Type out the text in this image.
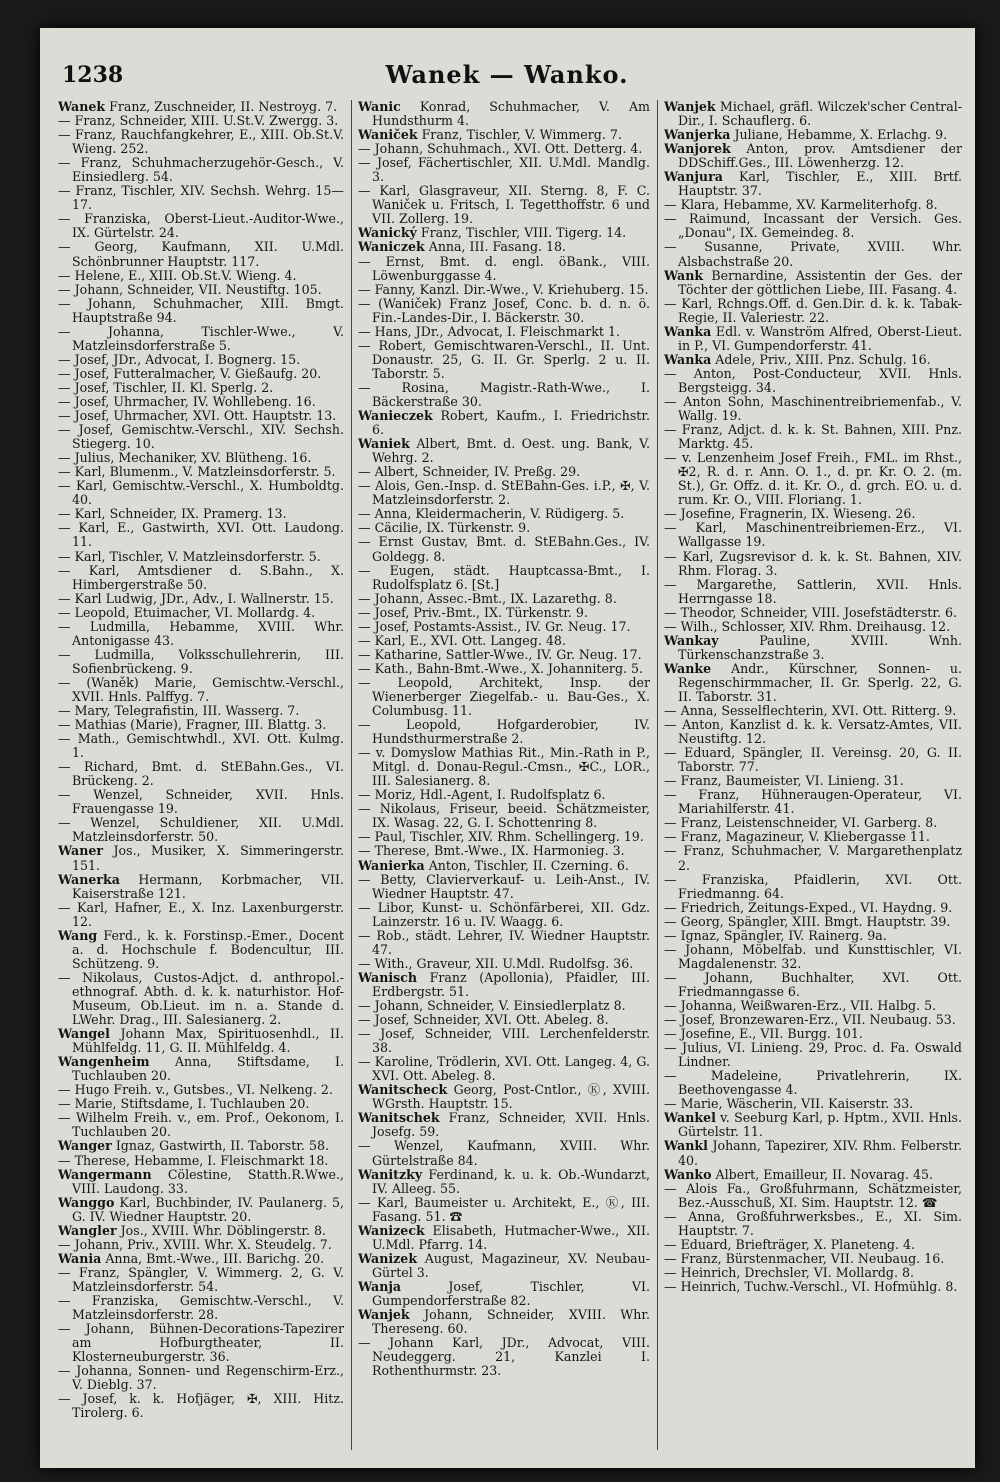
1238	Wanek — Wanko.
Wanek Franz, Zuschneider, II. Nestroyg. 7.
— Franz, Schneider, XIII. U.St.V. Zwergg. 3.
— Franz, Rauchfangkehrer, E., XIII. Ob.St.V. Wieng. 252.
— Franz, Schuhmacherzugehör-Gesch., V. Einsiedlerg. 54.
— Franz, Tischler, XIV. Sechsh. Wehrg. 15—17.
— Franziska, Oberst-Lieut.-Auditor-Wwe., IX. Gürtelstr. 24.
— Georg, Kaufmann, XII. U.Mdl. Schönbrunner Hauptstr. 117.
— Helene, E., XIII. Ob.St.V. Wieng. 4.
— Johann, Schneider, VII. Neustiftg. 105.
— Johann, Schuhmacher, XIII. Bmgt. Hauptstraße 94.
— Johanna, Tischler-Wwe., V. Matzleinsdorferstraße 5.
— Josef, JDr., Advocat, I. Bognerg. 15.
— Josef, Futteralmacher, V. Gießaufg. 20.
— Josef, Tischler, II. Kl. Sperlg. 2.
— Josef, Uhrmacher, IV. Wohllebeng. 16.
— Josef, Uhrmacher, XVI. Ott. Hauptstr. 13.
— Josef, Gemischtw.-Verschl., XIV. Sechsh. Stiegerg. 10.
— Julius, Mechaniker, XV. Blütheng. 16.
— Karl, Blumenm., V. Matzleinsdorferstr. 5.
— Karl, Gemischtw.-Verschl., X. Humboldtg. 40.
— Karl, Schneider, IX. Pramerg. 13.
— Karl, E., Gastwirth, XVI. Ott. Laudong. 11.
— Karl, Tischler, V. Matzleinsdorferstr. 5.
— Karl, Amtsdiener d. S.Bahn., X. Himbergerstraße 50.
— Karl Ludwig, JDr., Adv., I. Wallnerstr. 15.
— Leopold, Etuimacher, VI. Mollardg. 4.
— Ludmilla, Hebamme, XVIII. Whr. Antonigasse 43.
— Ludmilla, Volksschullehrerin, III. Sofienbrückeng. 9.
— (Waněk) Marie, Gemischtw.-Verschl., XVII. Hnls. Palffyg. 7.
— Mary, Telegrafistin, III. Wasserg. 7.
— Mathias (Marie), Fragner, III. Blattg. 3.
— Math., Gemischtwhdl., XVI. Ott. Kulmg. 1.
— Richard, Bmt. d. StEBahn.Ges., VI. Brückeng. 2.
— Wenzel, Schneider, XVII. Hnls. Frauengasse 19.
— Wenzel, Schuldiener, XII. U.Mdl. Matzleinsdorferstr. 50.
Waner Jos., Musiker, X. Simmeringerstr. 151.
Wanerka Hermann, Korbmacher, VII. Kaiserstraße 121.
— Karl, Hafner, E., X. Inz. Laxenburgerstr. 12.
Wang Ferd., k. k. Forstinsp.-Emer., Docent a. d. Hochschule f. Bodencultur, III. Schützeng. 9.
— Nikolaus, Custos-Adjct. d. anthropol.-ethnograf. Abth. d. k. k. naturhistor. Hof-Museum, Ob.Lieut. im n. a. Stande d. LWehr. Drag., III. Salesianerg. 2.
Wangel Johann Max, Spirituosenhdl., II. Mühlfeldg. 11, G. II. Mühlfeldg. 4.
Wangenheim Anna, Stiftsdame, I. Tuchlauben 20.
— Hugo Freih. v., Gutsbes., VI. Nelkeng. 2.
— Marie, Stiftsdame, I. Tuchlauben 20.
— Wilhelm Freih. v., em. Prof., Oekonom, I. Tuchlauben 20.
Wanger Ignaz, Gastwirth, II. Taborstr. 58.
— Therese, Hebamme, I. Fleischmarkt 18.
Wangermann Cölestine, Statth.R.Wwe., VIII. Laudong. 33.
Wanggo Karl, Buchbinder, IV. Paulanerg. 5, G. IV. Wiedner Hauptstr. 20.
Wangler Jos., XVIII. Whr. Döblingerstr. 8.
— Johann, Priv., XVIII. Whr. X. Steudelg. 7.
Wania Anna, Bmt.-Wwe., III. Barichg. 20.
— Franz, Spängler, V. Wimmerg. 2, G. V. Matzleinsdorferstr. 54.
— Franziska, Gemischtw.-Verschl., V. Matzleinsdorferstr. 28.
— Johann, Bühnen-Decorations-Tapezirer am Hofburgtheater, II. Klosterneuburgerstr. 36.
— Johanna, Sonnen- und Regenschirm-Erz., V. Dieblg. 37.
— Josef, k. k. Hofjäger, ✠, XIII. Hitz. Tirolerg. 6.
Wanic Konrad, Schuhmacher, V. Am Hundsthurm 4.
Waniček Franz, Tischler, V. Wimmerg. 7.
— Johann, Schuhmach., XVI. Ott. Detterg. 4.
— Josef, Fächertischler, XII. U.Mdl. Mandlg. 3.
— Karl, Glasgraveur, XII. Sterng. 8, F. C. Waniček u. Fritsch, I. Tegetthoffstr. 6 und VII. Zollerg. 19.
Wanický Franz, Tischler, VIII. Tigerg. 14.
Waniczek Anna, III. Fasang. 18.
— Ernst, Bmt. d. engl. öBank., VIII. Löwenburggasse 4.
— Fanny, Kanzl. Dir.-Wwe., V. Kriehuberg. 15.
— (Waniček) Franz Josef, Conc. b. d. n. ö. Fin.-Landes-Dir., I. Bäckerstr. 30.
— Hans, JDr., Advocat, I. Fleischmarkt 1.
— Robert, Gemischtwaren-Verschl., II. Unt. Donaustr. 25, G. II. Gr. Sperlg. 2 u. II. Taborstr. 5.
— Rosina, Magistr.-Rath-Wwe., I. Bäckerstraße 30.
Wanieczek Robert, Kaufm., I. Friedrichstr. 6.
Waniek Albert, Bmt. d. Oest. ung. Bank, V. Wehrg. 2.
— Albert, Schneider, IV. Preßg. 29.
— Alois, Gen.-Insp. d. StEBahn-Ges. i.P., ✠, V. Matzleinsdorferstr. 2.
— Anna, Kleidermacherin, V. Rüdigerg. 5.
— Cäcilie, IX. Türkenstr. 9.
— Ernst Gustav, Bmt. d. StEBahn.Ges., IV. Goldegg. 8.
— Eugen, städt. Hauptcassa-Bmt., I. Rudolfsplatz 6. [St.]
— Johann, Assec.-Bmt., IX. Lazarethg. 8.
— Josef, Priv.-Bmt., IX. Türkenstr. 9.
— Josef, Postamts-Assist., IV. Gr. Neug. 17.
— Karl, E., XVI. Ott. Langeg. 48.
— Katharine, Sattler-Wwe., IV. Gr. Neug. 17.
— Kath., Bahn-Bmt.-Wwe., X. Johanniterg. 5.
— Leopold, Architekt, Insp. der Wienerberger Ziegelfab.- u. Bau-Ges., X. Columbusg. 11.
— Leopold, Hofgarderobier, IV. Hundsthurmerstraße 2.
— v. Domyslow Mathias Rit., Min.-Rath in P., Mitgl. d. Donau-Regul.-Cmsn., ✠C., LOR., III. Salesianerg. 8.
— Moriz, Hdl.-Agent, I. Rudolfsplatz 6.
— Nikolaus, Friseur, beeid. Schätzmeister, IX. Wasag. 22, G. I. Schottenring 8.
— Paul, Tischler, XIV. Rhm. Schellingerg. 19.
— Therese, Bmt.-Wwe., IX. Harmonieg. 3.
Wanierka Anton, Tischler, II. Czerning. 6.
— Betty, Clavierverkauf- u. Leih-Anst., IV. Wiedner Hauptstr. 47.
— Libor, Kunst- u. Schönfärberei, XII. Gdz. Lainzerstr. 16 u. IV. Waagg. 6.
— Rob., städt. Lehrer, IV. Wiedner Hauptstr. 47.
— With., Graveur, XII. U.Mdl. Rudolfsg. 36.
Wanisch Franz (Apollonia), Pfaidler, III. Erdbergstr. 51.
— Johann, Schneider, V. Einsiedlerplatz 8.
— Josef, Schneider, XVI. Ott. Abeleg. 8.
— Josef, Schneider, VIII. Lerchenfelderstr. 38.
— Karoline, Trödlerin, XVI. Ott. Langeg. 4, G. XVI. Ott. Abeleg. 8.
Wanitscheck Georg, Post-Cntlor., Ⓚ, XVIII. WGrsth. Hauptstr. 15.
Wanitschek Franz, Schneider, XVII. Hnls. Josefg. 59.
— Wenzel, Kaufmann, XVIII. Whr. Gürtelstraße 84.
Wanitzky Ferdinand, k. u. k. Ob.-Wundarzt, IV. Alleeg. 55.
— Karl, Baumeister u. Architekt, E., Ⓚ, III. Fasang. 51. ☎
Wanizeck Elisabeth, Hutmacher-Wwe., XII. U.Mdl. Pfarrg. 14.
Wanizek August, Magazineur, XV. Neubau-Gürtel 3.
Wanja Josef, Tischler, VI. Gumpendorferstraße 82.
Wanjek Johann, Schneider, XVIII. Whr. Thereseng. 60.
— Johann Karl, JDr., Advocat, VIII. Neudeggerg. 21, Kanzlei I. Rothenthurmstr. 23.
Wanjek Michael, gräfl. Wilczek'scher Central-Dir., I. Schauflerg. 6.
Wanjerka Juliane, Hebamme, X. Erlachg. 9.
Wanjorek Anton, prov. Amtsdiener der DDSchiff.Ges., III. Löwenherzg. 12.
Wanjura Karl, Tischler, E., XIII. Brtf. Hauptstr. 37.
— Klara, Hebamme, XV. Karmeliterhofg. 8.
— Raimund, Incassant der Versich. Ges. „Donau", IX. Gemeindeg. 8.
— Susanne, Private, XVIII. Whr. Alsbachstraße 20.
Wank Bernardine, Assistentin der Ges. der Töchter der göttlichen Liebe, III. Fasang. 4.
— Karl, Rchngs.Off. d. Gen.Dir. d. k. k. Tabak-Regie, II. Valeriestr. 22.
Wanka Edl. v. Wanström Alfred, Oberst-Lieut. in P., VI. Gumpendorferstr. 41.
Wanka Adele, Priv., XIII. Pnz. Schulg. 16.
— Anton, Post-Conducteur, XVII. Hnls. Bergsteigg. 34.
— Anton Sohn, Maschinentreibriemenfab., V. Wallg. 19.
— Franz, Adjct. d. k. k. St. Bahnen, XIII. Pnz. Marktg. 45.
— v. Lenzenheim Josef Freih., FML. im Rhst., ✠2, R. d. r. Ann. O. 1., d. pr. Kr. O. 2. (m. St.), Gr. Offz. d. it. Kr. O., d. grch. EO. u. d. rum. Kr. O., VIII. Floriang. 1.
— Josefine, Fragnerin, IX. Wieseng. 26.
— Karl, Maschinentreibriemen-Erz., VI. Wallgasse 19.
— Karl, Zugsrevisor d. k. k. St. Bahnen, XIV. Rhm. Florag. 3.
— Margarethe, Sattlerin, XVII. Hnls. Herrngasse 18.
— Theodor, Schneider, VIII. Josefstädterstr. 6.
— Wilh., Schlosser, XIV. Rhm. Dreihausg. 12.
Wankay Pauline, XVIII. Wnh. Türkenschanzstraße 3.
Wanke Andr., Kürschner, Sonnen- u. Regenschirmmacher, II. Gr. Sperlg. 22, G. II. Taborstr. 31.
— Anna, Sesselflechterin, XVI. Ott. Ritterg. 9.
— Anton, Kanzlist d. k. k. Versatz-Amtes, VII. Neustiftg. 12.
— Eduard, Spängler, II. Vereinsg. 20, G. II. Taborstr. 77.
— Franz, Baumeister, VI. Linieng. 31.
— Franz, Hühneraugen-Operateur, VI. Mariahilferstr. 41.
— Franz, Leistenschneider, VI. Garberg. 8.
— Franz, Magazineur, V. Kliebergasse 11.
— Franz, Schuhmacher, V. Margarethenplatz 2.
— Franziska, Pfaidlerin, XVI. Ott. Friedmanng. 64.
— Friedrich, Zeitungs-Exped., VI. Haydng. 9.
— Georg, Spängler, XIII. Bmgt. Hauptstr. 39.
— Ignaz, Spängler, IV. Rainerg. 9a.
— Johann, Möbelfab. und Kunsttischler, VI. Magdalenenstr. 32.
— Johann, Buchhalter, XVI. Ott. Friedmanngasse 6.
— Johanna, Weißwaren-Erz., VII. Halbg. 5.
— Josef, Bronzewaren-Erz., VII. Neubaug. 53.
— Josefine, E., VII. Burgg. 101.
— Julius, VI. Linieng. 29, Proc. d. Fa. Oswald Lindner.
— Madeleine, Privatlehrerin, IX. Beethovengasse 4.
— Marie, Wäscherin, VII. Kaiserstr. 33.
Wankel v. Seeburg Karl, p. Hptm., XVII. Hnls. Gürtelstr. 11.
Wankl Johann, Tapezirer, XIV. Rhm. Felberstr. 40.
Wanko Albert, Emailleur, II. Novarag. 45.
— Alois Fa., Großfuhrmann, Schätzmeister, Bez.-Ausschuß, XI. Sim. Hauptstr. 12. ☎
— Anna, Großfuhrwerksbes., E., XI. Sim. Hauptstr. 7.
— Eduard, Briefträger, X. Planeteng. 4.
— Franz, Bürstenmacher, VII. Neubaug. 16.
— Heinrich, Drechsler, VI. Mollardg. 8.
— Heinrich, Tuchw.-Verschl., VI. Hofmühlg. 8.
